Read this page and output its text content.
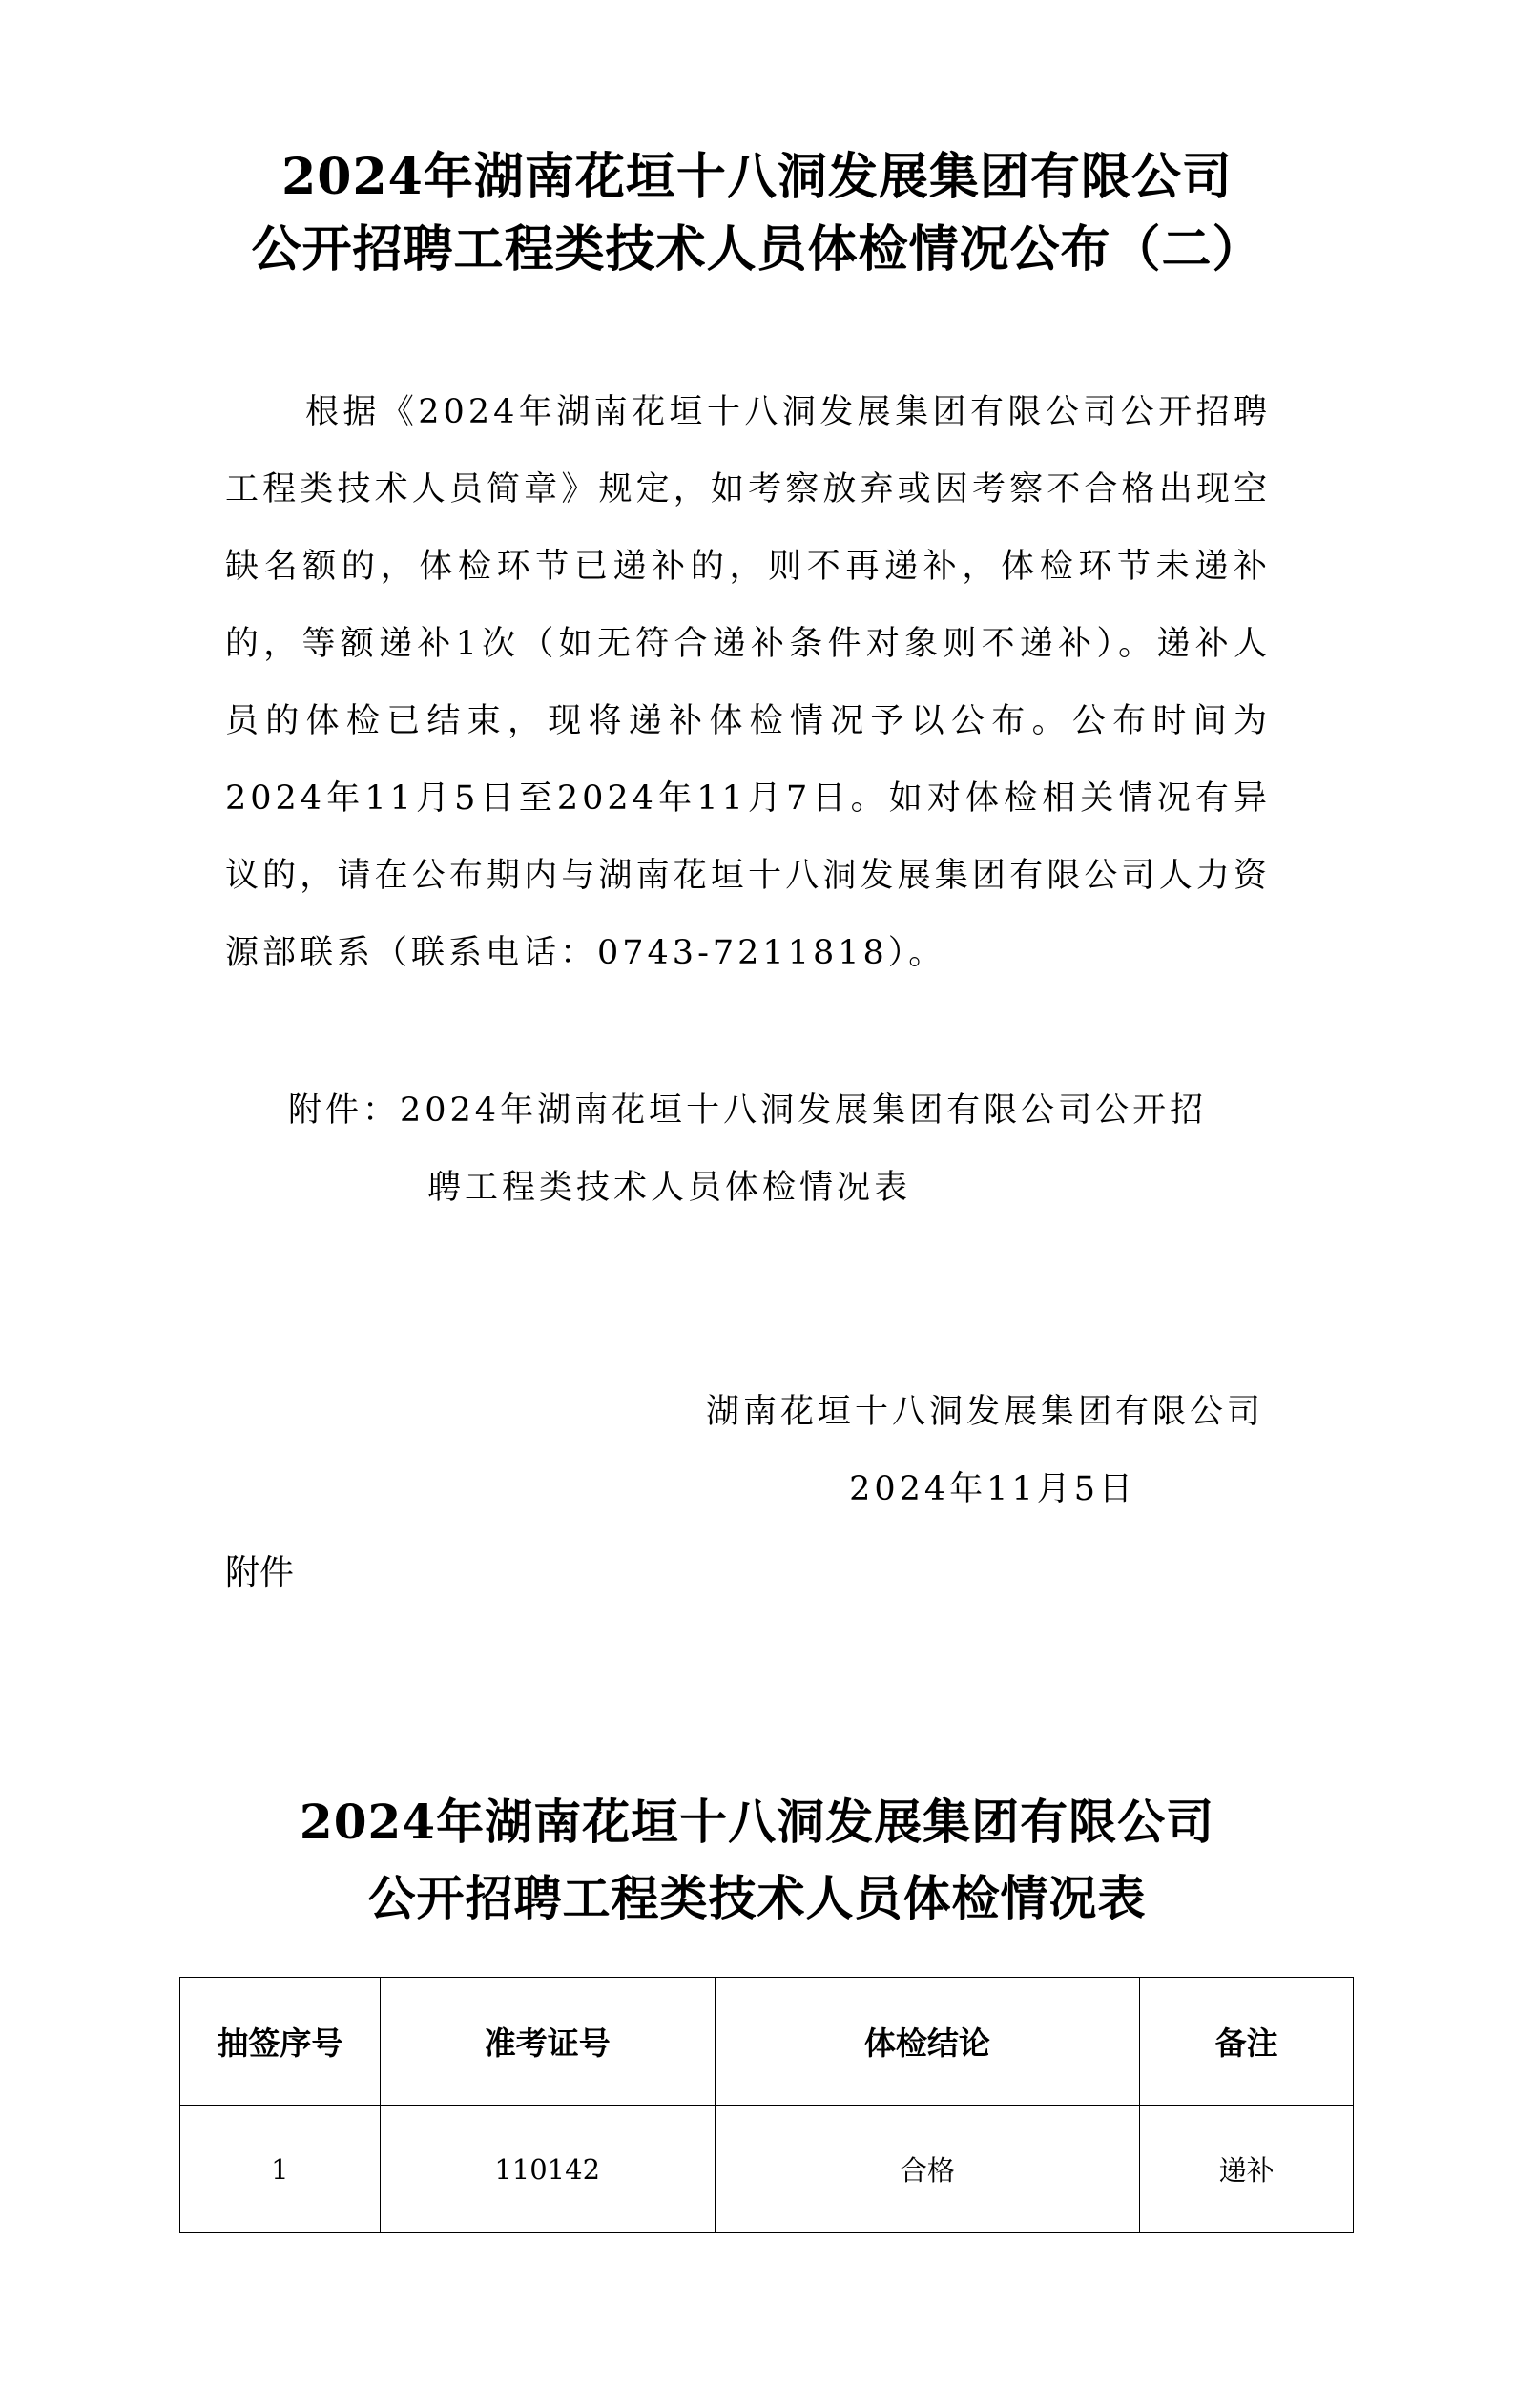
2024年湖南花垣十八洞发展集团有限公司
公开招聘工程类技术人员体检情况公布（二）
根据《2024年湖南花垣十八洞发展集团有限公司公开招聘工程类技术人员简章》规定，如考察放弃或因考察不合格出现空缺名额的，体检环节已递补的，则不再递补，体检环节未递补的，等额递补1次（如无符合递补条件对象则不递补）。递补人员的体检已结束，现将递补体检情况予以公布。公布时间为2024年11月5日至2024年11月7日。如对体检相关情况有异议的，请在公布期内与湖南花垣十八洞发展集团有限公司人力资源部联系（联系电话：0743-7211818）。
附件：2024年湖南花垣十八洞发展集团有限公司公开招
聘工程类技术人员体检情况表
湖南花垣十八洞发展集团有限公司
2024年11月5日
附件
2024年湖南花垣十八洞发展集团有限公司
公开招聘工程类技术人员体检情况表
抽签序号	准考证号	体检结论	备注
1	110142	合格	递补
